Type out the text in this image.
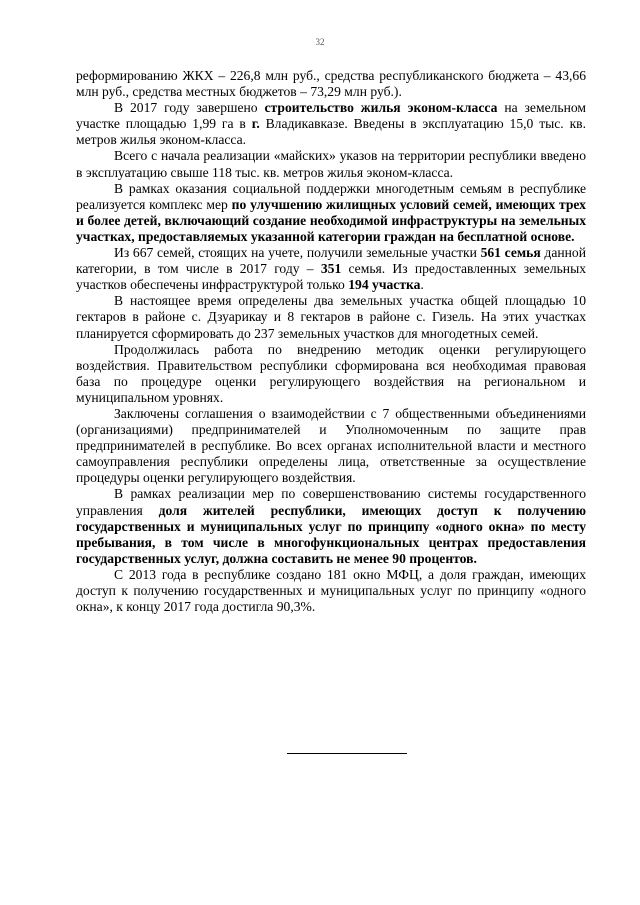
32

реформированию ЖКХ – 226,8 млн руб., средства республиканского бюджета – 43,66 млн руб., средства местных бюджетов – 73,29 млн руб.).

В 2017 году завершено строительство жилья эконом-класса на земельном участке площадью 1,99 га в г. Владикавказе. Введены в эксплуатацию 15,0 тыс. кв. метров жилья эконом-класса.

Всего с начала реализации «майских» указов на территории республики введено в эксплуатацию свыше 118 тыс. кв. метров жилья эконом-класса.

В рамках оказания социальной поддержки многодетным семьям в республике реализуется комплекс мер по улучшению жилищных условий семей, имеющих трех и более детей, включающий создание необходимой инфраструктуры на земельных участках, предоставляемых указанной категории граждан на бесплатной основе.

Из 667 семей, стоящих на учете, получили земельные участки 561 семья данной категории, в том числе в 2017 году – 351 семья. Из предоставленных земельных участков обеспечены инфраструктурой только 194 участка.

В настоящее время определены два земельных участка общей площадью 10 гектаров в районе с. Дзуарикау и 8 гектаров в районе с. Гизель. На этих участках планируется сформировать до 237 земельных участков для многодетных семей.

Продолжилась работа по внедрению методик оценки регулирующего воздействия. Правительством республики сформирована вся необходимая правовая база по процедуре оценки регулирующего воздействия на региональном и муниципальном уровнях.

Заключены соглашения о взаимодействии с 7 общественными объединениями (организациями) предпринимателей и Уполномоченным по защите прав предпринимателей в республике. Во всех органах исполнительной власти и местного самоуправления республики определены лица, ответственные за осуществление процедуры оценки регулирующего воздействия.

В рамках реализации мер по совершенствованию системы государственного управления доля жителей республики, имеющих доступ к получению государственных и муниципальных услуг по принципу «одного окна» по месту пребывания, в том числе в многофункциональных центрах предоставления государственных услуг, должна составить не менее 90 процентов.

С 2013 года в республике создано 181 окно МФЦ, а доля граждан, имеющих доступ к получению государственных и муниципальных услуг по принципу «одного окна», к концу 2017 года достигла 90,3%.
